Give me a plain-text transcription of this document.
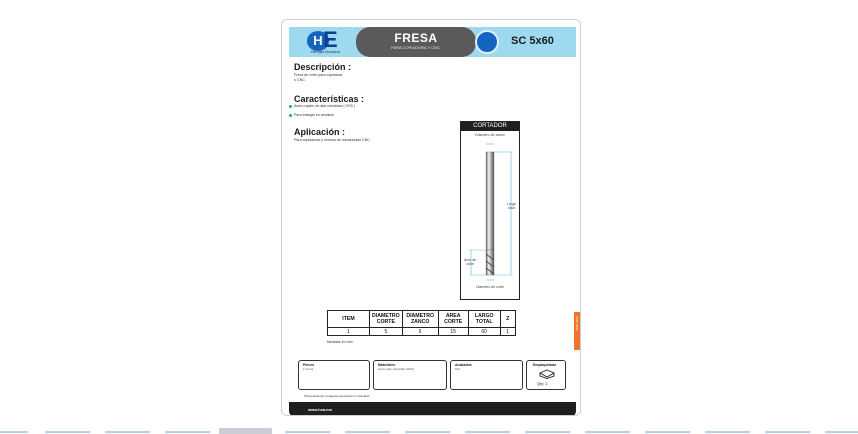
H E
Herrajes Europeos
FRESA
PARA COPIADORA Y CNC.
SC 5x60
Descripción :
Fresa de corte para copiadora
o CNC.
Características :
Acero rapido de alta velocidad ( HSS )
Para trabajar en aluminio
Aplicación :
Para copiadoras y centros de mecanizado CNC.
CORTADOR
Diámetro de zanco
Largo total
Area de corte
Diámetro de corte
ITEM	DIAMETRO CORTE	DIAMETRO ZANCO	AREA CORTE	LARGO TOTAL	Z
1	5	6	15	60	1
Medidas en mm
DMG-0020
Pieces
1 Fresa
Materiales
Acero alta velocidad (HSS)
Acabados
N/A
Empaquetado
Qty: 1
Observaciones: Imagenes genericas no incluidas
www.hea.mx
